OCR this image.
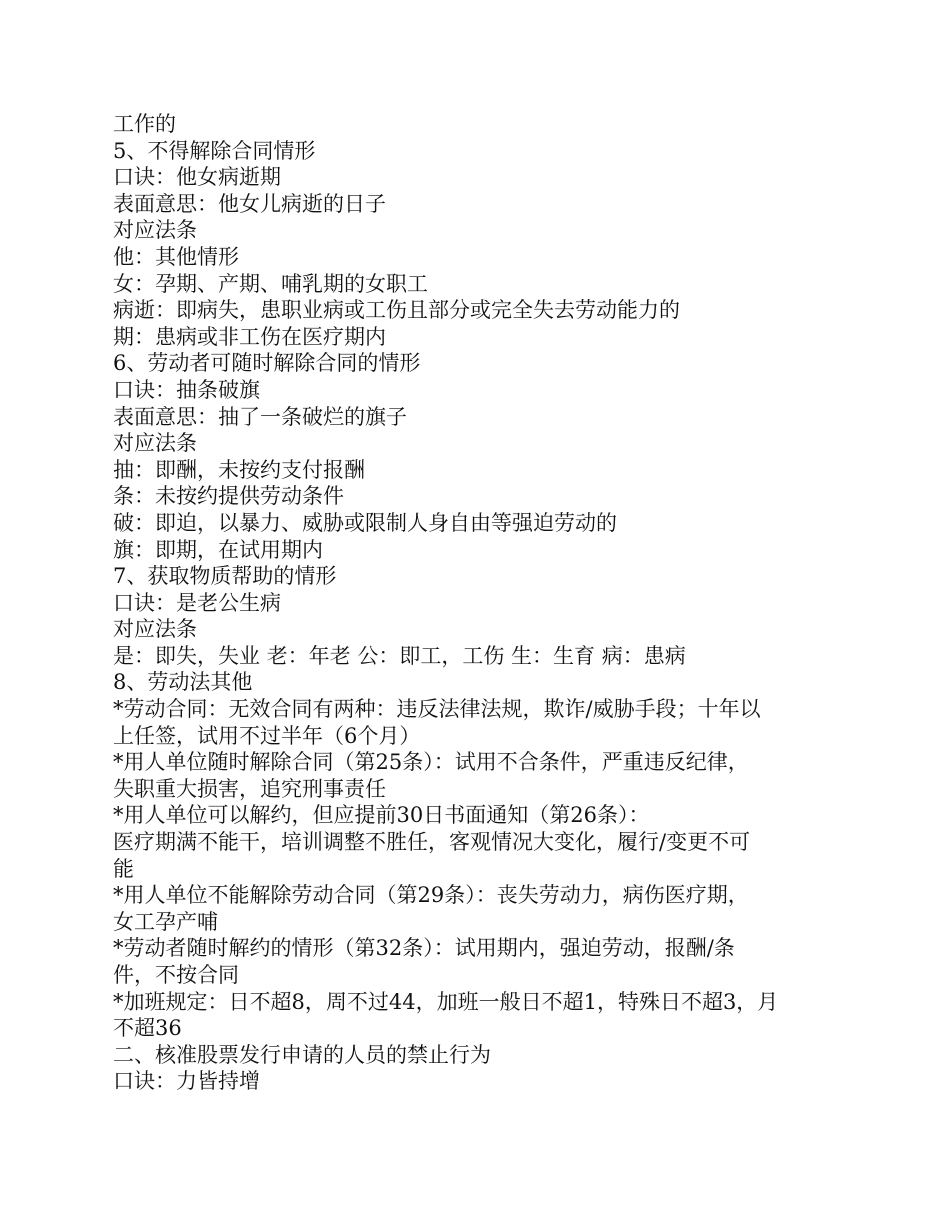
工作的
5、不得解除合同情形
口诀：他女病逝期
表面意思：他女儿病逝的日子
对应法条
他：其他情形
女：孕期、产期、哺乳期的女职工
病逝：即病失，患职业病或工伤且部分或完全失去劳动能力的
期：患病或非工伤在医疗期内
6、劳动者可随时解除合同的情形
口诀：抽条破旗
表面意思：抽了一条破烂的旗子
对应法条
抽：即酬，未按约支付报酬
条：未按约提供劳动条件
破：即迫，以暴力、威胁或限制人身自由等强迫劳动的
旗：即期，在试用期内
7、获取物质帮助的情形
口诀：是老公生病
对应法条
是：即失，失业 老：年老 公：即工，工伤 生：生育 病：患病
8、劳动法其他
*劳动合同：无效合同有两种：违反法律法规，欺诈/威胁手段；十年以
上任签，试用不过半年（6个月）
*用人单位随时解除合同（第25条）：试用不合条件，严重违反纪律，
失职重大损害，追究刑事责任
*用人单位可以解约，但应提前30日书面通知（第26条）：
医疗期满不能干，培训调整不胜任，客观情况大变化，履行/变更不可
能
*用人单位不能解除劳动合同（第29条）：丧失劳动力，病伤医疗期，
女工孕产哺
*劳动者随时解约的情形（第32条）：试用期内，强迫劳动，报酬/条
件，不按合同
*加班规定：日不超8，周不过44，加班一般日不超1，特殊日不超3，月
不超36
二、核准股票发行申请的人员的禁止行为
口诀：力皆持增
